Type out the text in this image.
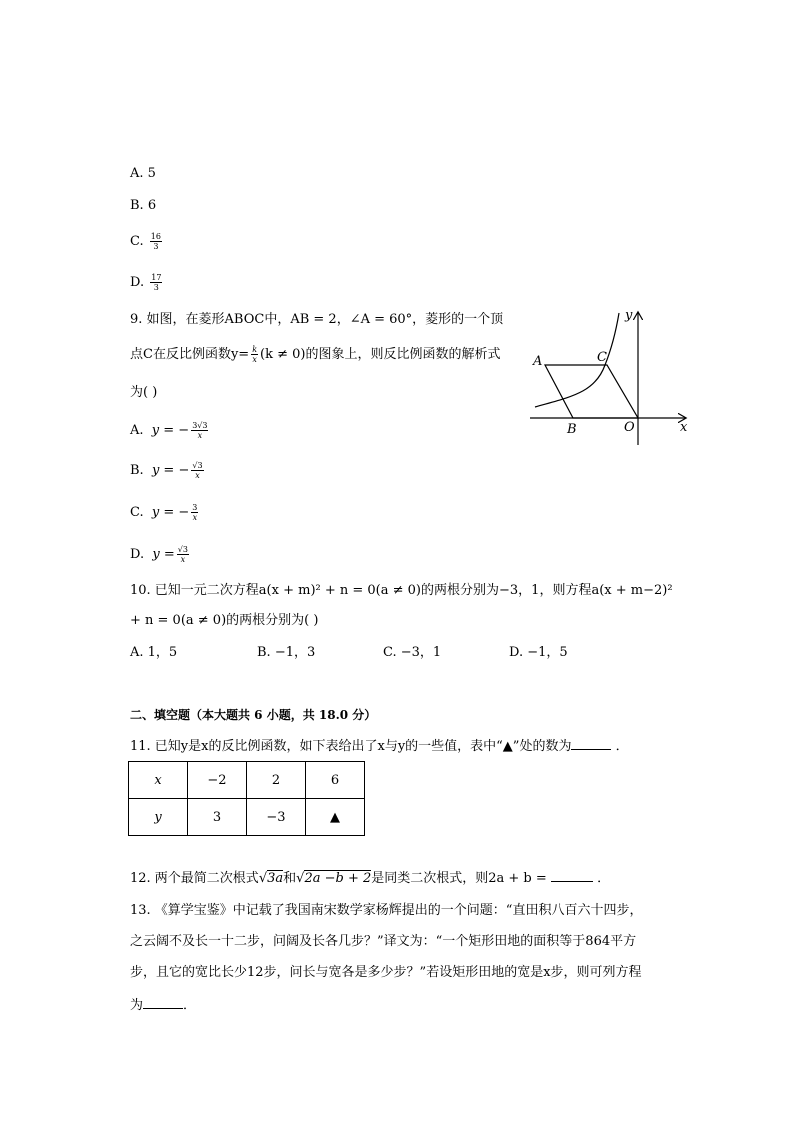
A. 5
B. 6
C. $\frac{16}{3}$
D. $\frac{17}{3}$
9. 如图，在菱形ABOC中，AB = 2，∠A = 60°，菱形的一个顶
点C在反比例函数$y= \frac{k}{x} (k \ne 0)$的图象上，则反比例函数的解析式
为( )
A. y = − $\frac{3√3}{x}$
B. y = − $\frac{√3}{x}$
C. y = − $\frac{3}{x}$
D. $y = \frac{√3}{x}$
y
x
A	C
B	O
10. 已知一元二次方程a(x + m)² + n = 0(a ≠ 0)的两根分别为−3，1，则方程a(x + m−2)²
+ n = 0(a ≠ 0)的两根分别为( )
A. 1，5	B. −1，3	C. −3，1	D. −1，5
二、填空题（本大题共 6 小题，共 18.0 分）
11. 已知y是x的反比例函数，如下表给出了x与y的一些值，表中“▲”处的数为	．
x	−2	2	6
y	3	−3	▲
12. 两个最简二次根式√3a和√2a −b + 2是同类二次根式，则2a + b =	．
13. 《算学宝鉴》中记载了我国南宋数学家杨辉提出的一个问题：“直田积八百六十四步，
之云阔不及长一十二步，问阔及长各几步？”译文为：“一个矩形田地的面积等于864平方
步，且它的宽比长少12步，问长与宽各是多少步？”若设矩形田地的宽是x步，则可列方程
为	．
